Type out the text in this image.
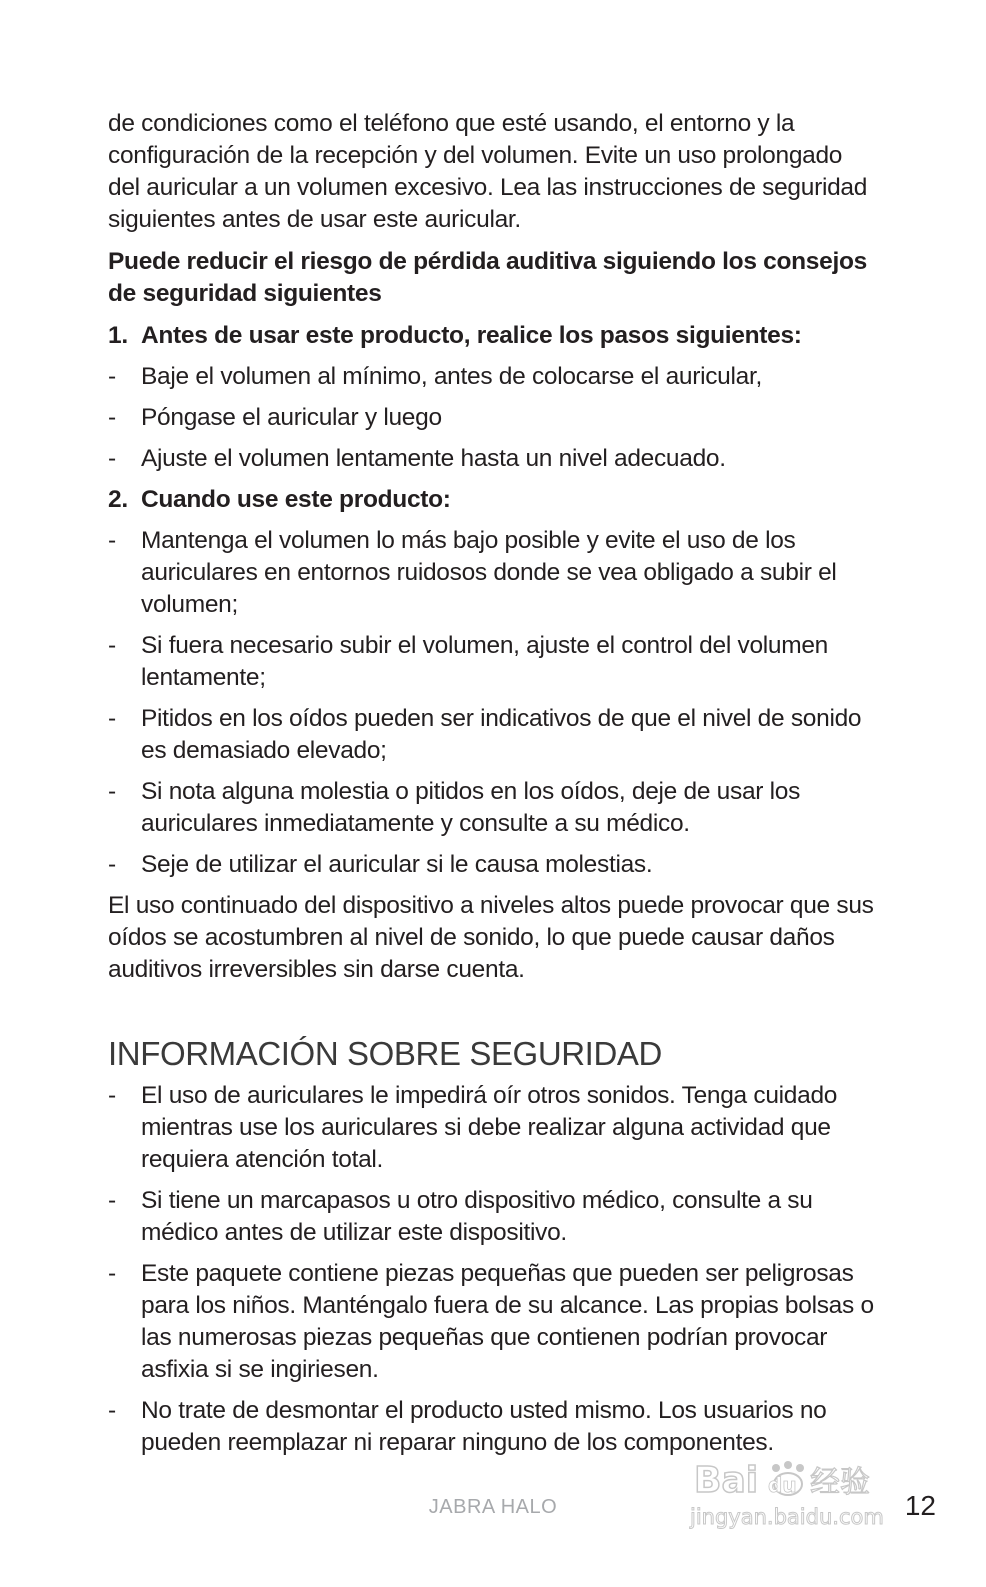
de condiciones como el teléfono que esté usando, el entorno y la configuración de la recepción y del volumen. Evite un uso prolongado del auricular a un volumen excesivo. Lea las instrucciones de seguridad siguientes antes de usar este auricular.

Puede reducir el riesgo de pérdida auditiva siguiendo los consejos de seguridad siguientes

1. Antes de usar este producto, realice los pasos siguientes:
-	Baje el volumen al mínimo, antes de colocarse el auricular,
-	Póngase el auricular y luego
-	Ajuste el volumen lentamente hasta un nivel adecuado.
2. Cuando use este producto:
-	Mantenga el volumen lo más bajo posible y evite el uso de los auriculares en entornos ruidosos donde se vea obligado a subir el volumen;
-	Si fuera necesario subir el volumen, ajuste el control del volumen lentamente;
-	Pitidos en los oídos pueden ser indicativos de que el nivel de sonido es demasiado elevado;
-	Si nota alguna molestia o pitidos en los oídos, deje de usar los auriculares inmediatamente y consulte a su médico.
-	Seje de utilizar el auricular si le causa molestias.

El uso continuado del dispositivo a niveles altos puede provocar que sus oídos se acostumbren al nivel de sonido, lo que puede causar daños auditivos irreversibles sin darse cuenta.

INFORMACIÓN SOBRE SEGURIDAD
-	El uso de auriculares le impedirá oír otros sonidos. Tenga cuidado mientras use los auriculares si debe realizar alguna actividad que requiera atención total.
-	Si tiene un marcapasos u otro dispositivo médico, consulte a su médico antes de utilizar este dispositivo.
-	Este paquete contiene piezas pequeñas que pueden ser peligrosas para los niños. Manténgalo fuera de su alcance. Las propias bolsas o las numerosas piezas pequeñas que contienen podrían provocar asfixia si se ingiriesen.
-	No trate de desmontar el producto usted mismo. Los usuarios no pueden reemplazar ni reparar ninguno de los componentes.
Bai du 经验
jingyan.baidu.com
JABRA HALO	12
